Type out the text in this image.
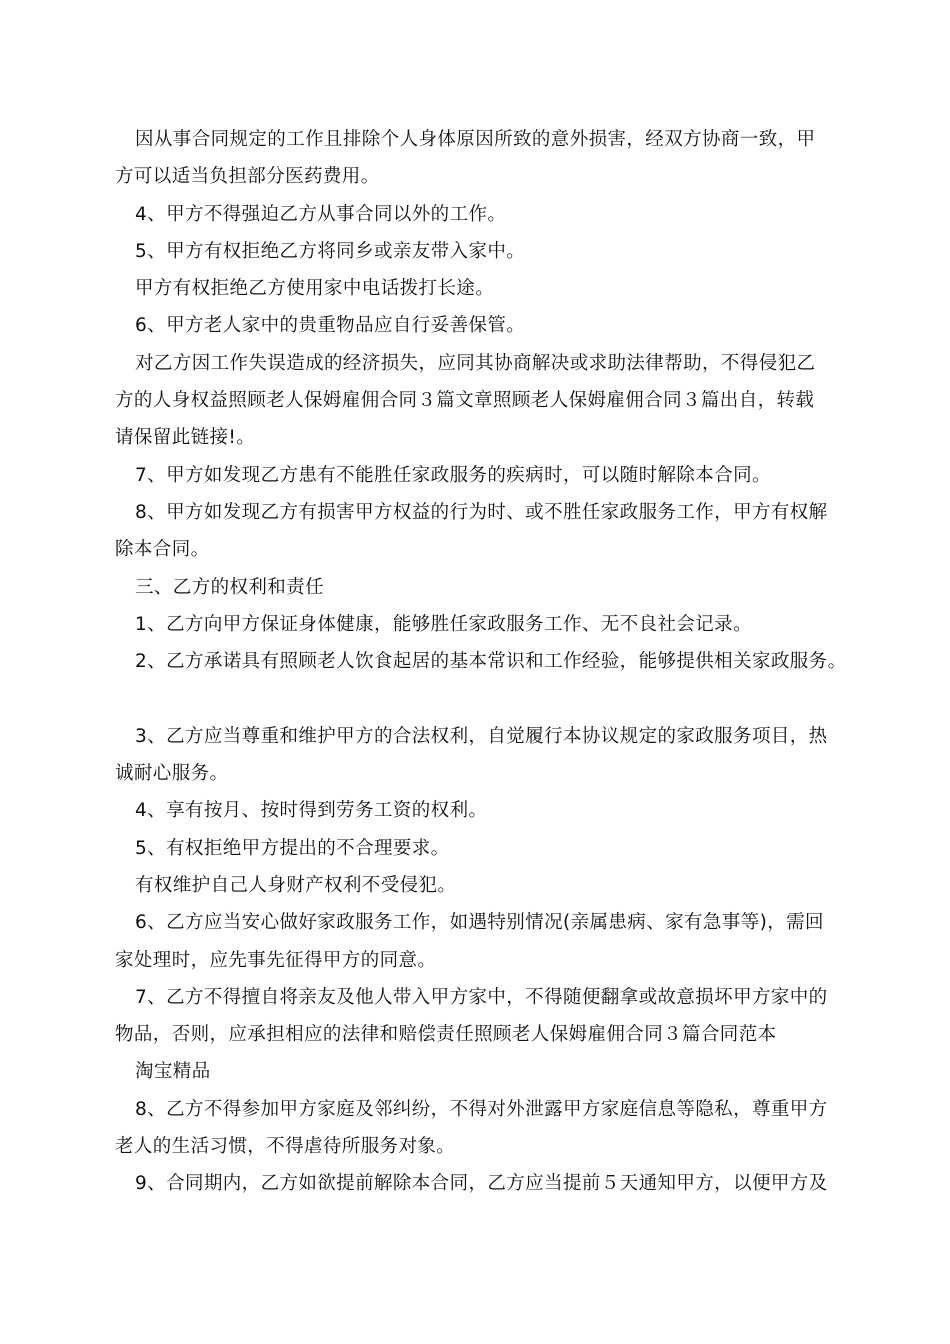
因从事合同规定的工作且排除个人身体原因所致的意外损害，经双方协商一致，甲
方可以适当负担部分医药费用。
4、甲方不得强迫乙方从事合同以外的工作。
5、甲方有权拒绝乙方将同乡或亲友带入家中。
甲方有权拒绝乙方使用家中电话拨打长途。
6、甲方老人家中的贵重物品应自行妥善保管。
对乙方因工作失误造成的经济损失，应同其协商解决或求助法律帮助，不得侵犯乙
方的人身权益照顾老人保姆雇佣合同３篇文章照顾老人保姆雇佣合同３篇出自，转载
请保留此链接!。
7、甲方如发现乙方患有不能胜任家政服务的疾病时，可以随时解除本合同。
8、甲方如发现乙方有损害甲方权益的行为时、或不胜任家政服务工作，甲方有权解
除本合同。
三、乙方的权利和责任
1、乙方向甲方保证身体健康，能够胜任家政服务工作、无不良社会记录。
2、乙方承诺具有照顾老人饮食起居的基本常识和工作经验，能够提供相关家政服务。
3、乙方应当尊重和维护甲方的合法权利，自觉履行本协议规定的家政服务项目，热
诚耐心服务。
4、享有按月、按时得到劳务工资的权利。
5、有权拒绝甲方提出的不合理要求。
有权维护自己人身财产权利不受侵犯。
6、乙方应当安心做好家政服务工作，如遇特别情况(亲属患病、家有急事等)，需回
家处理时，应先事先征得甲方的同意。
7、乙方不得擅自将亲友及他人带入甲方家中，不得随便翻拿或故意损坏甲方家中的
物品，否则，应承担相应的法律和赔偿责任照顾老人保姆雇佣合同３篇合同范本
淘宝精品
8、乙方不得参加甲方家庭及邻纠纷，不得对外泄露甲方家庭信息等隐私，尊重甲方
老人的生活习惯，不得虐待所服务对象。
9、合同期内，乙方如欲提前解除本合同，乙方应当提前５天通知甲方，以便甲方及
